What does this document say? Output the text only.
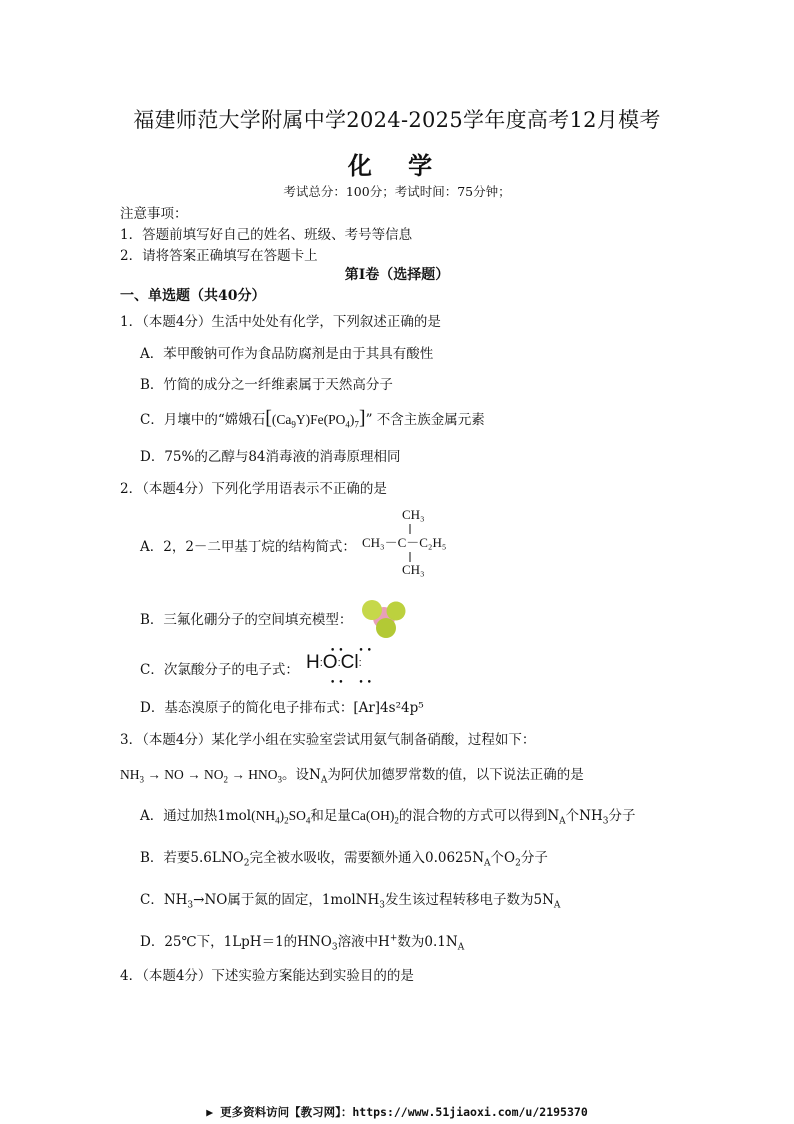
福建师范大学附属中学2024-2025学年度高考12月模考
化 学
考试总分：100分；考试时间：75分钟；
注意事项：
1．答题前填写好自己的姓名、班级、考号等信息
2．请将答案正确填写在答题卡上
第Ⅰ卷（选择题）
一、单选题（共40分）
1．（本题4分）生活中处处有化学，下列叙述正确的是
A．苯甲酸钠可作为食品防腐剂是由于其具有酸性
B．竹简的成分之一纤维素属于天然高分子
C．月壤中的“嫦娥石$[(Ca_9Y)Fe(PO_4)_7]$” 不含主族金属元素
D．75%的乙醇与84消毒液的消毒原理相同
2．（本题4分）下列化学用语表示不正确的是
A．2，2－二甲基丁烷的结构简式：
CH₃
CH₃－C－C₂H₅
CH₃
B．三氟化硼分子的空间填充模型：
C．次氯酸分子的电子式： H:O:Cl:
••  ••
••  ••
D．基态溴原子的简化电子排布式：[Ar]4s²4p⁵
3．（本题4分）某化学小组在实验室尝试用氨气制备硝酸，过程如下：
$NH_3$ → NO → $NO_2 \to HNO_3$。设$N_A$为阿伏加德罗常数的值，以下说法正确的是
A．通过加热$1mol(NH_4)_2SO_4$和足量$Ca(OH)_2$的混合物的方式可以得到$N_A$个$NH_3$分子
B．若要$5.6LNO_2$完全被水吸收，需要额外通入$0.0625N_A$个$O_2$分子
C．$NH_3\to NO$属于氮的固定，1molNH$_3$发生该过程转移电子数为$5N_A$
D．25℃下，1LpH＝1的$HNO_3$溶液中H+数为$0.1N_A$
4．（本题4分）下述实验方案能达到实验目的的是
▶ 更多资料访问【教习网】：https://www.51jiaoxi.com/u/2195370
